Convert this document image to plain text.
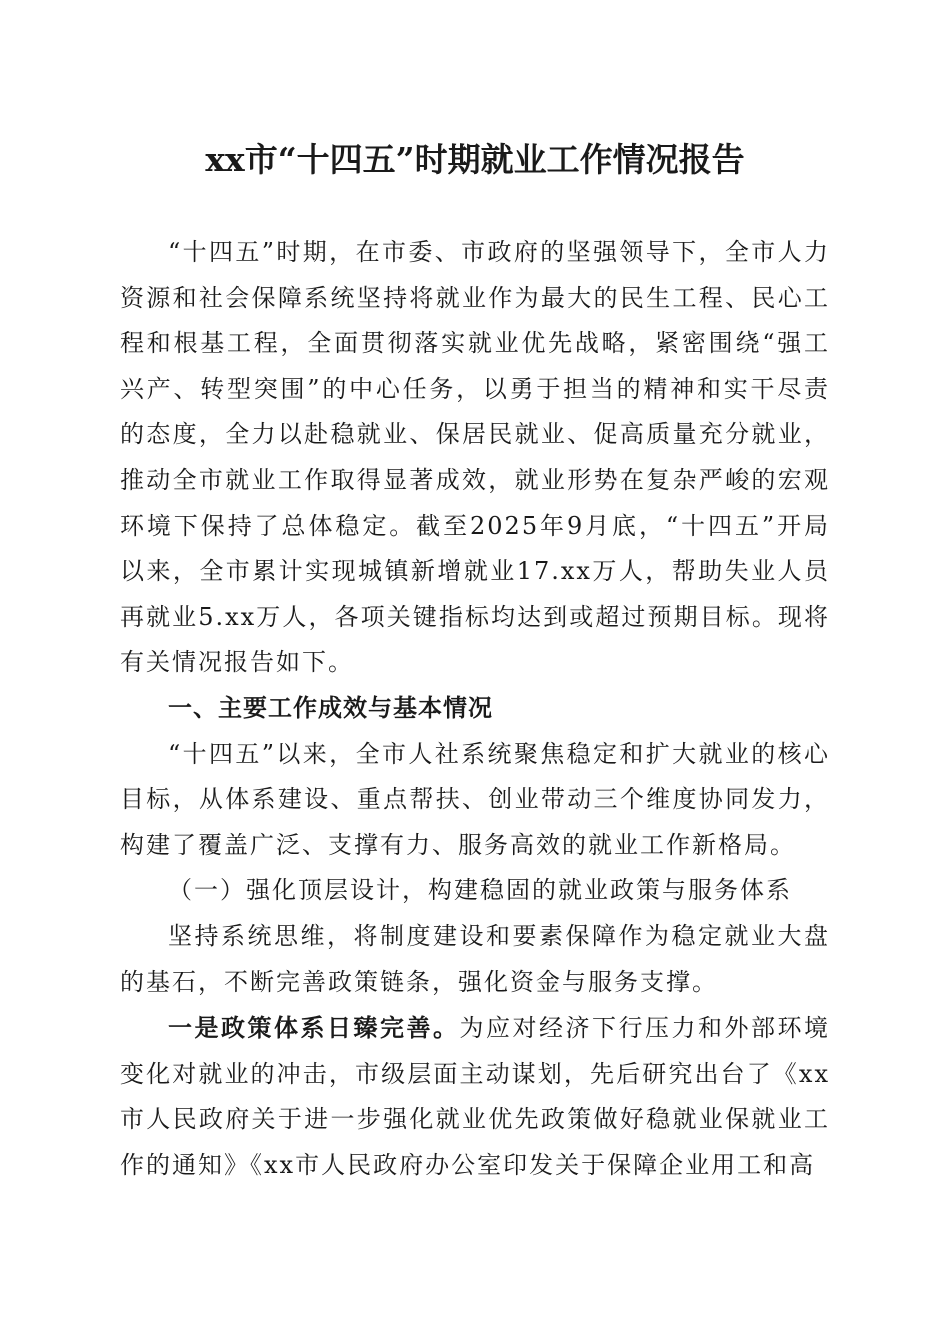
xx市“十四五”时期就业工作情况报告

“十四五”时期，在市委、市政府的坚强领导下，全市人力资源和社会保障系统坚持将就业作为最大的民生工程、民心工程和根基工程，全面贯彻落实就业优先战略，紧密围绕“强工兴产、转型突围”的中心任务，以勇于担当的精神和实干尽责的态度，全力以赴稳就业、保居民就业、促高质量充分就业，推动全市就业工作取得显著成效，就业形势在复杂严峻的宏观环境下保持了总体稳定。截至2025年9月底，“十四五”开局以来，全市累计实现城镇新增就业17.xx万人，帮助失业人员再就业5.xx万人，各项关键指标均达到或超过预期目标。现将有关情况报告如下。

一、主要工作成效与基本情况

“十四五”以来，全市人社系统聚焦稳定和扩大就业的核心目标，从体系建设、重点帮扶、创业带动三个维度协同发力，构建了覆盖广泛、支撑有力、服务高效的就业工作新格局。

（一）强化顶层设计，构建稳固的就业政策与服务体系

坚持系统思维，将制度建设和要素保障作为稳定就业大盘的基石，不断完善政策链条，强化资金与服务支撑。

一是政策体系日臻完善。为应对经济下行压力和外部环境变化对就业的冲击，市级层面主动谋划，先后研究出台了《xx市人民政府关于进一步强化就业优先政策做好稳就业保就业工作的通知》《xx市人民政府办公室印发关于保障企业用工和高
